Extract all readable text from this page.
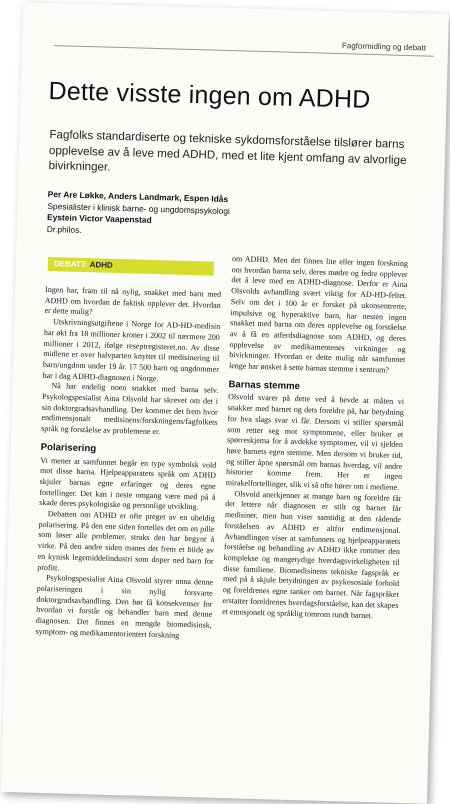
Fagformidling og debatt
Dette visste ingen om ADHD

Fagfolks standardiserte og tekniske sykdomsforståelse tilslører barns opplevelse av å leve med ADHD, med et lite kjent omfang av alvorlige bivirkninger.

Per Are Løkke, Anders Landmark, Espen Idås
Spesialister i klinisk barne- og ungdomspsykologi
Eystein Victor Vaapenstad
Dr.philos.
DEBATT: ADHD

Ingen har, fram til nå nylig, snakket med barn med ADHD om hvordan de faktisk opplever det. Hvordan er dette mulig?

Utskrivningsutgiftene i Norge for AD-HD-medisin har økt fra 18 millioner kroner i 2002 til nærmere 200 millioner i 2012, ifølge reseptregisteret.no. Av disse midlene er over halvparten knyttet til medisinering til barn/ungdom under 19 år. 17 500 barn og ungdommer har i dag ADHD-diagnosen i Norge.

Nå har endelig noen snakket med barna selv. Psykologspesialist Aina Olsvold har skrevet om det i sin doktorgradsavhandling. Der kommer det frem hvor endimensjonalt medisinens/forskningens/fagfolkets språk og forståelse av problemene er.

Polarisering

Vi mener at samfunnet begår en type symbolsk vold mot disse barna. Hjelpeapparatets språk om ADHD skjuler barnas egne erfaringer og deres egne fortellinger. Det kan i neste omgang være med på å skade deres psykologiske og personlige utvikling.

Debatten om ADHD er ofte preget av en uheldig polarisering. På den ene siden fortelles det om en pille som løser alle problemer, straks den har begynt å virke. På den andre siden manes det frem et bilde av en kynisk legemiddelindustri som doper ned barn for profitt.

Psykologspesialist Aina Olsvold styrer unna denne polariseringen i sin nylig forsvarte doktorgradsavhandling. Den bør få konsekvenser for hvordan vi forstår og behandler barn med denne diagnosen. Det finnes en mengde biomedisinsk, symptom- og medikamentorientert forskning

om ADHD. Men det finnes lite eller ingen forskning om hvordan barna selv, deres mødre og fedre opplever det å leve med en ADHD-diagnose. Derfor er Aina Olsvolds avhandling svært viktig for AD-HD-feltet. Selv om det i 100 år er forsket på ukonsentrerte, impulsive og hyperaktive barn, har nesten ingen snakket med barna om deres opplevelse og forståelse av å få en atferdsdiagnose som ADHD, og deres opplevelse av medikamentenes virkninger og bivirkninger. Hvordan er dette mulig når samfunnet lenge har ønsket å sette barnas stemme i sentrum?

Barnas stemme

Olsvold svarer på dette ved å hevde at måten vi snakker med barnet og dets foreldre på, har betydning for hva slags svar vi får. Dersom vi stiller spørsmål som retter seg mot symptomene, eller bruker et spørreskjema for å avdekke symptomer, vil vi sjelden høre barnets egen stemme. Men dersom vi bruker tid, og stiller åpne spørsmål om barnas hverdag, vil andre historier komme frem. Her er ingen mirakelfortellinger, slik vi så ofte hører om i mediene.

Olsvold anerkjenner at mange barn og foreldre får det lettere når diagnosen er stilt og barnet får medisiner, men hun viser samtidig at den rådende forståelsen av ADHD er altfor endimensjonal. Avhandlingen viser at samfunnets og hjelpeapparatets forståelse og behandling av ADHD ikke rommer den komplekse og mangetydige hverdagsvirkeligheten til disse familiene. Biomedisinens tekniske fagspråk er med på å skjule betydningen av psykososiale forhold og foreldrenes egne tanker om barnet. Når fagspråket erstatter foreldrenes hverdagsforståelse, kan det skapes et emosjonelt og språklig tomrom rundt barnet.
